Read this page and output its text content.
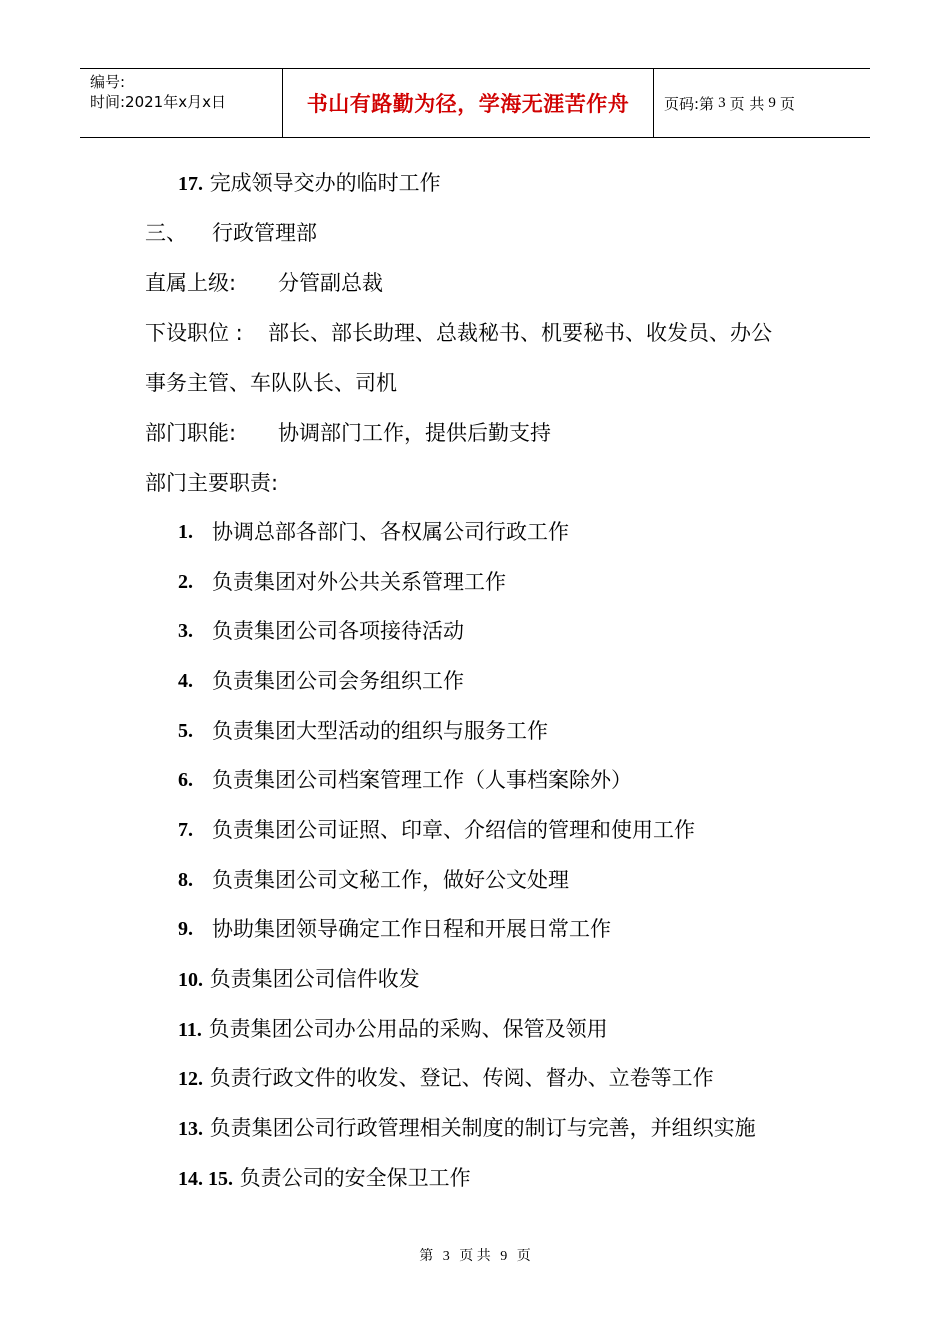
编号:
时间:2021年x月x日	书山有路勤为径，学海无涯苦作舟 页码:第 3 页 共 9 页
17. 完成领导交办的临时工作
三、 行政管理部
直属上级: 分管副总裁
下设职位 : 部长、部长助理、总裁秘书、机要秘书、收发员、办公
事务主管、车队队长、司机
部门职能: 协调部门工作，提供后勤支持
部门主要职责:
1. 协调总部各部门、各权属公司行政工作
2. 负责集团对外公共关系管理工作
3. 负责集团公司各项接待活动
4. 负责集团公司会务组织工作
5. 负责集团大型活动的组织与服务工作
6. 负责集团公司档案管理工作（人事档案除外）
7. 负责集团公司证照、印章、介绍信的管理和使用工作
8. 负责集团公司文秘工作，做好公文处理
9. 协助集团领导确定工作日程和开展日常工作
10. 负责集团公司信件收发
11. 负责集团公司办公用品的采购、保管及领用
12. 负责行政文件的收发、登记、传阅、督办、立卷等工作
13. 负责集团公司行政管理相关制度的制订与完善，并组织实施
14. 15. 负责公司的安全保卫工作
第 3 页 共 9 页
